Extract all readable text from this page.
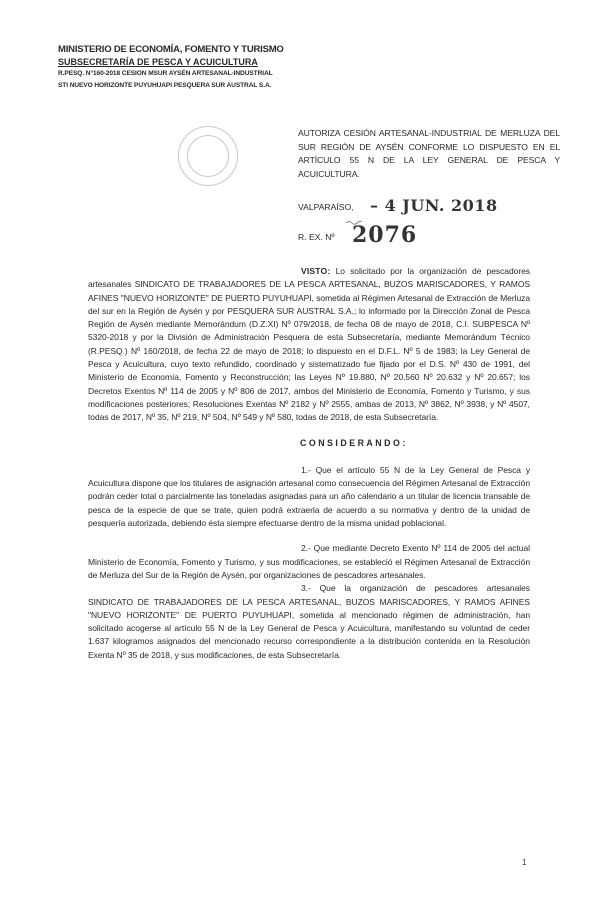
MINISTERIO DE ECONOMÍA, FOMENTO Y TURISMO
SUBSECRETARÍA DE PESCA Y ACUICULTURA
R.PESQ. N°160-2018 CESION MSUR AYSÉN ARTESANAL-INDUSTRIAL
STI NUEVO HORIZONTE PUYUHUAPI PESQUERA SUR AUSTRAL S.A.
AUTORIZA CESIÓN ARTESANAL-INDUSTRIAL DE MERLUZA DEL SUR REGIÓN DE AYSÉN CONFORME LO DISPUESTO EN EL ARTÍCULO 55 N DE LA LEY GENERAL DE PESCA Y ACUICULTURA.
VALPARAÍSO, – 4 JUN. 2018
R. EX. Nº 2076

VISTO: Lo solicitado por la organización de pescadores artesanales SINDICATO DE TRABAJADORES DE LA PESCA ARTESANAL, BUZOS MARISCADORES, Y RAMOS AFINES "NUEVO HORIZONTE" DE PUERTO PUYUHUAPI, sometida al Régimen Artesanal de Extracción de Merluza del sur en la Región de Aysén y por PESQUERA SUR AUSTRAL S.A.; lo informado por la Dirección Zonal de Pesca Región de Aysén mediante Memorándum (D.Z.XI) Nº 079/2018, de fecha 08 de mayo de 2018, C.I. SUBPESCA Nº 5320-2018 y por la División de Administración Pesquera de esta Subsecretaría, mediante Memorándum Técnico (R.PESQ.) Nº 160/2018, de fecha 22 de mayo de 2018; lo dispuesto en el D.F.L. Nº 5 de 1983; la Ley General de Pesca y Acuicultura, cuyo texto refundido, coordinado y sistematizado fue fijado por el D.S. Nº 430 de 1991, del Ministerio de Economía, Fomento y Reconstrucción; las Leyes Nº 19.880, Nº 20.560 Nº 20.632 y Nº 20.657; los Decretos Exentos Nº 114 de 2005 y Nº 806 de 2017, ambos del Ministerio de Economía, Fomento y Turismo, y sus modificaciones posteriores; Resoluciones Exentas Nº 2182 y Nº 2555, ambas de 2013, Nº 3862, Nº 3938, y Nº 4507, todas de 2017, Nº 35, Nº 219, Nº 504, Nº 549 y Nº 580, todas de 2018, de esta Subsecretaría.

CONSIDERANDO:

1.- Que el artículo 55 N de la Ley General de Pesca y Acuicultura dispone que los titulares de asignación artesanal como consecuencia del Régimen Artesanal de Extracción podrán ceder total o parcialmente las toneladas asignadas para un año calendario a un titular de licencia transable de pesca de la especie de que se trate, quien podrá extraerla de acuerdo a su normativa y dentro de la unidad de pesquería autorizada, debiendo ésta siempre efectuarse dentro de la misma unidad poblacional.

2.- Que mediante Decreto Exento Nº 114 de 2005 del actual Ministerio de Economía, Fomento y Turismo, y sus modificaciones, se estableció el Régimen Artesanal de Extracción de Merluza del Sur de la Región de Aysén, por organizaciones de pescadores artesanales.

3.- Que la organización de pescadores artesanales SINDICATO DE TRABAJADORES DE LA PESCA ARTESANAL, BUZOS MARISCADORES, Y RAMOS AFINES "NUEVO HORIZONTE" DE PUERTO PUYUHUAPI, sometida al mencionado régimen de administración, han solicitado acogerse al artículo 55 N de la Ley General de Pesca y Acuicultura, manifestando su voluntad de ceder 1.637 kilogramos asignados del mencionado recurso correspondiente a la distribución contenida en la Resolución Exenta Nº 35 de 2018, y sus modificaciones, de esta Subsecretaría.

1
